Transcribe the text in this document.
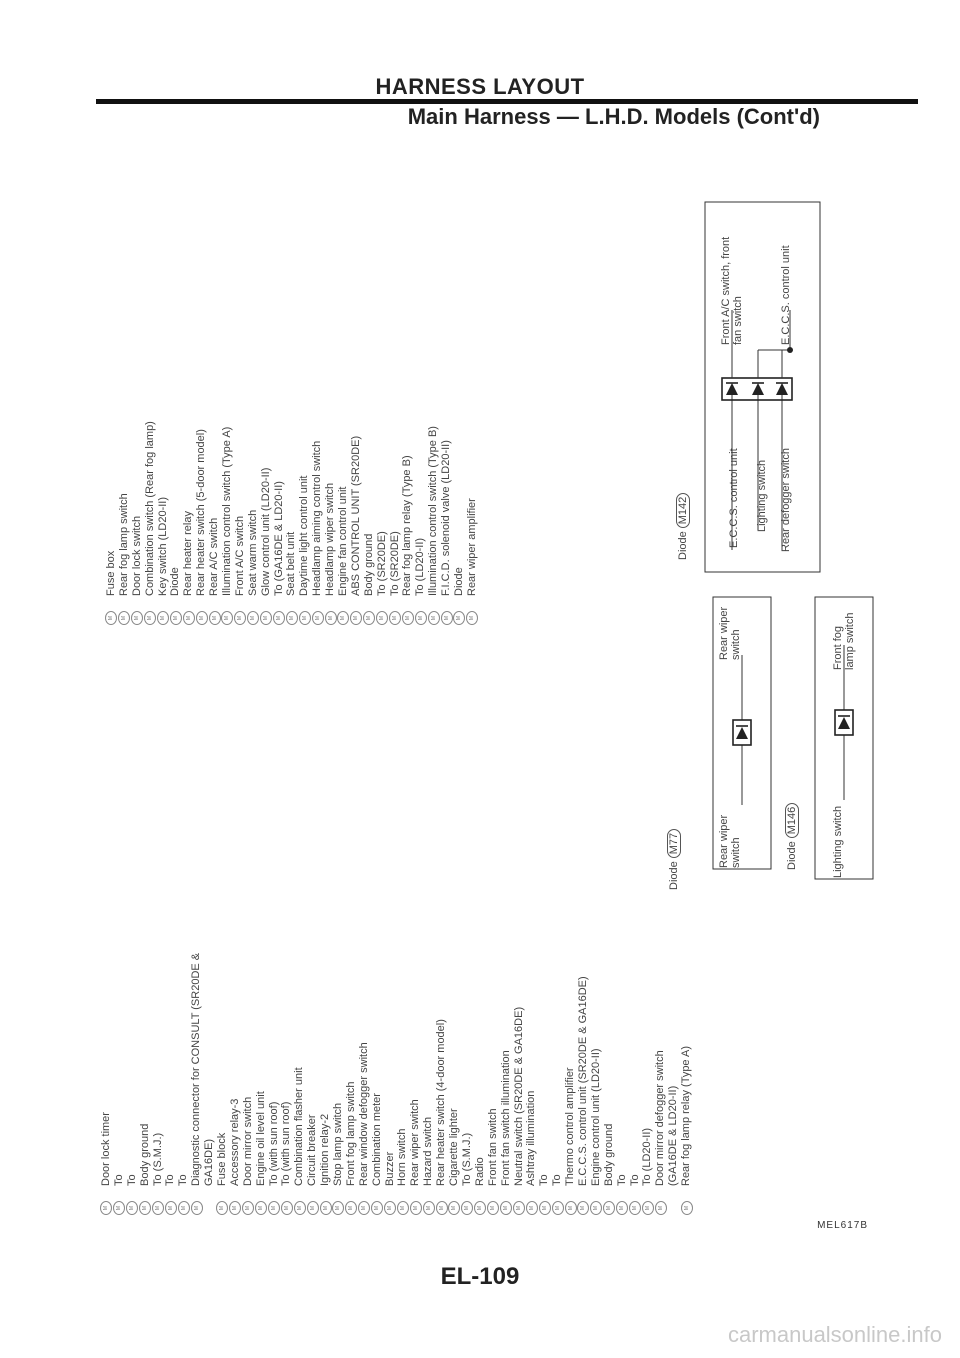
HARNESS LAYOUT
Main Harness — L.H.D. Models (Cont'd)
M
Door lock timer
M
To
M
To
M
Body ground
M
To (S.M.J.)
M
To
M
To
M
Diagnostic connector for CONSULT (SR20DE & GA16DE)
M
Fuse block
M
Accessory relay-3
M
Door mirror switch
M
Engine oil level unit
M
To (with sun roof)
M
To (with sun roof)
M
Combination flasher unit
M
Circuit breaker
M
Ignition relay-2
M
Stop lamp switch
M
Front fog lamp switch
M
Rear window defogger switch
M
Combination meter
M
Buzzer
M
Horn switch
M
Rear wiper switch
M
Hazard switch
M
Rear heater switch (4-door model)
M
Cigarette lighter
M
To (S.M.J.)
M
Radio
M
Front fan switch
M
Front fan switch illumination
M
Neutral switch (SR20DE & GA16DE)
M
Ashtray illumination
M
To
M
To
M
Thermo control amplifier
M
E.C.C.S. control unit (SR20DE & GA16DE)
M
Engine control unit (LD20-II)
M
Body ground
M
To
M
To
M
To (LD20-II)
M
Door mirror defogger switch (GA16DE & LD20-II)
M
Rear fog lamp relay (Type A)
M
Fuse box
M
Rear fog lamp switch
M
Door lock switch
M
Combination switch (Rear fog lamp)
M
Key switch (LD20-II)
M
Diode
M
Rear heater relay
M
Rear heater switch (5-door model)
M
Rear A/C switch
M
Illumination control switch (Type A)
M
Front A/C switch
M
Seat warm switch
M
Glow control unit (LD20-II)
M
To (GA16DE & LD20-II)
M
Seat belt unit
M
Daytime light control unit
M
Headlamp aiming control switch
M
Headlamp wiper switch
M
Engine fan control unit
M
ABS CONTROL UNIT (SR20DE)
M
Body ground
M
To (SR20DE)
M
To (SR20DE)
M
Rear fog lamp relay (Type B)
M
To (LD20-II)
M
Illumination control switch (Type B)
M
F.I.C.D. solenoid valve (LD20-II)
M
Diode
M
Rear wiper amplifier
DiodeM77	Rear wiper switch
Rear wiper switch
DiodeM146	Lighting switch
Front fog lamp switch
DiodeM142	E.C.C.S. control unit Lighting switch Rear defogger switch
Front A/C switch, front fan switch	E.C.C.S. control unit
MEL617B
EL-109
carmanualsonline.info
